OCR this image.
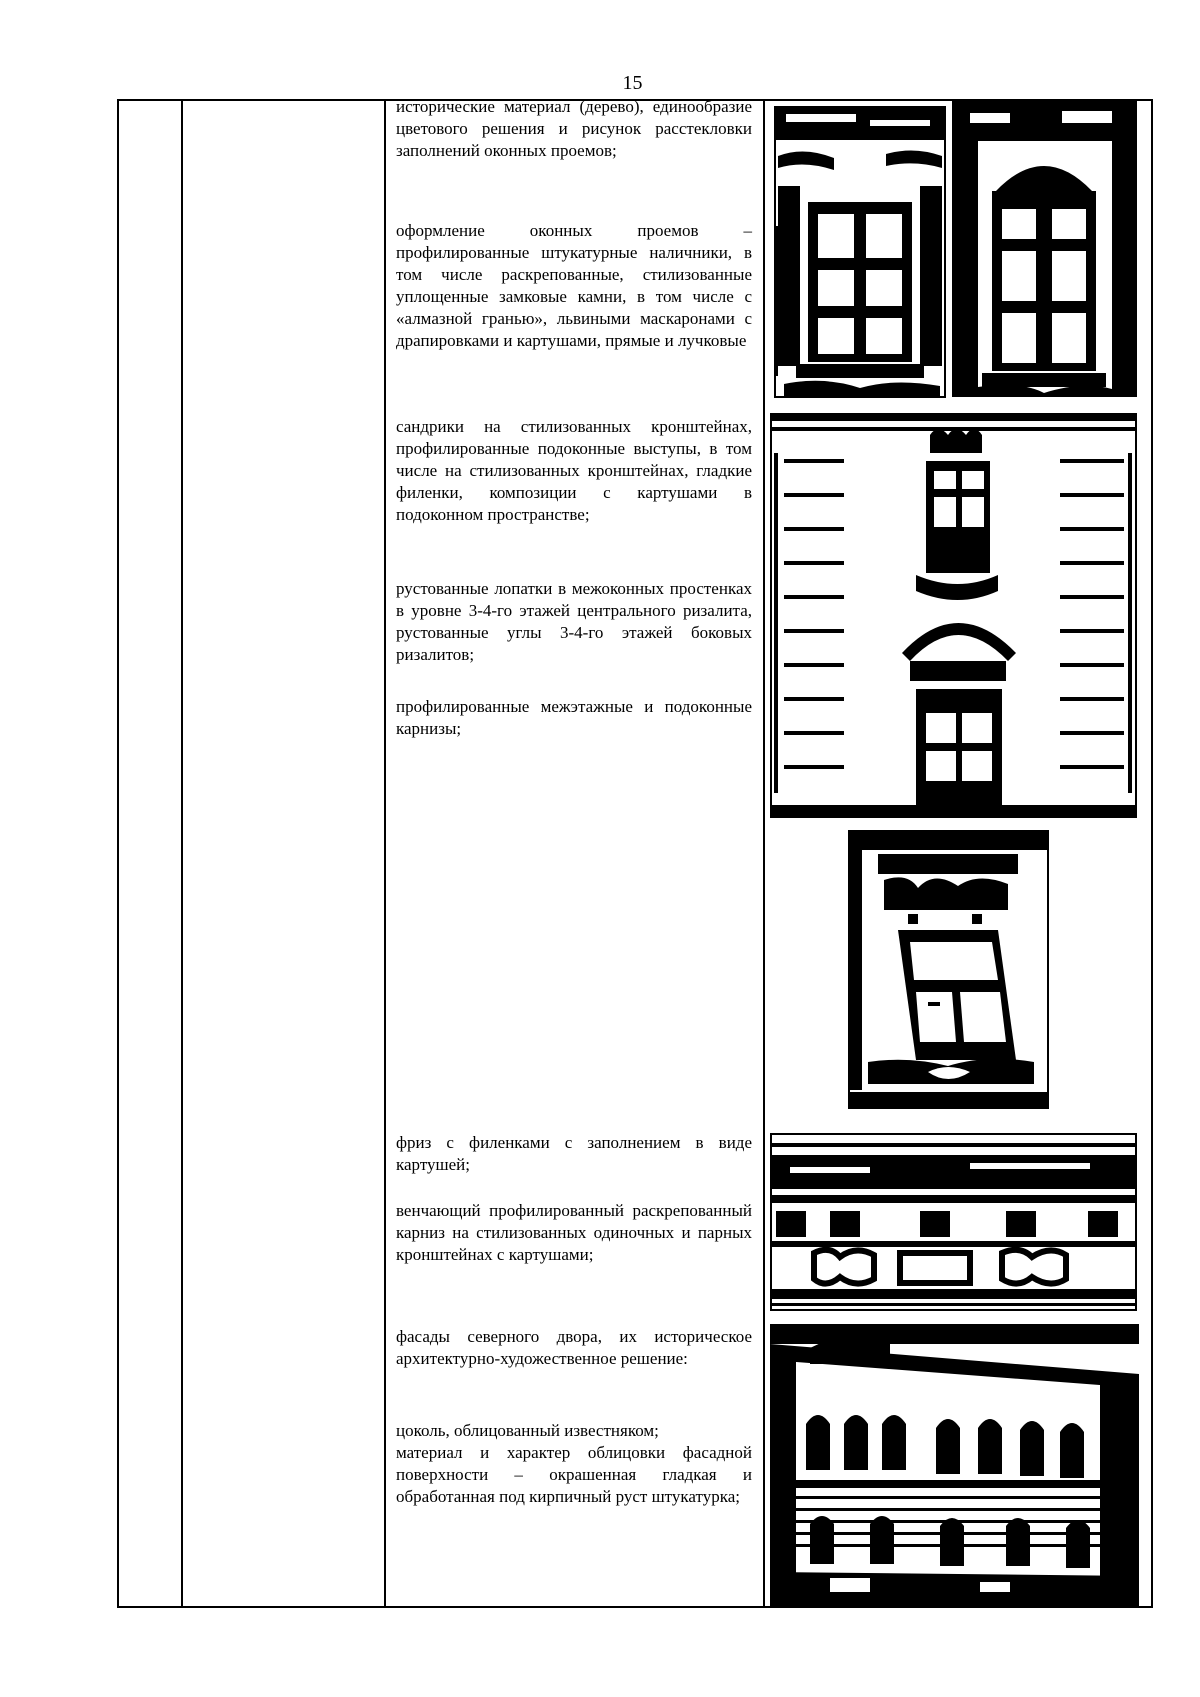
15

исторические материал (дерево), единообразие цветового решения и рисунок расстекловки заполнений оконных проемов;

оформление оконных проемов – профилированные штукатурные наличники, в том числе раскрепованные, стилизованные уплощенные замковые камни, в том числе с «алмазной гранью», львиными маскаронами с драпировками и картушами, прямые и лучковые

сандрики на стилизованных кронштейнах, профилированные подоконные выступы, в том числе на стилизованных кронштейнах, гладкие филенки, композиции с картушами в подоконном пространстве;

рустованные лопатки в межоконных простенках в уровне 3-4-го этажей центрального ризалита, рустованные углы 3-4-го этажей боковых ризалитов;

профилированные межэтажные и подоконные карнизы;

фриз с филенками с заполнением в виде картушей;

венчающий профилированный раскрепованный карниз на стилизованных одиночных и парных кронштейнах с картушами;

фасады северного двора, их историческое архитектурно-художественное решение:

цоколь, облицованный известняком;

материал и характер облицовки фасадной поверхности – окрашенная гладкая и обработанная под кирпичный руст штукатурка;
